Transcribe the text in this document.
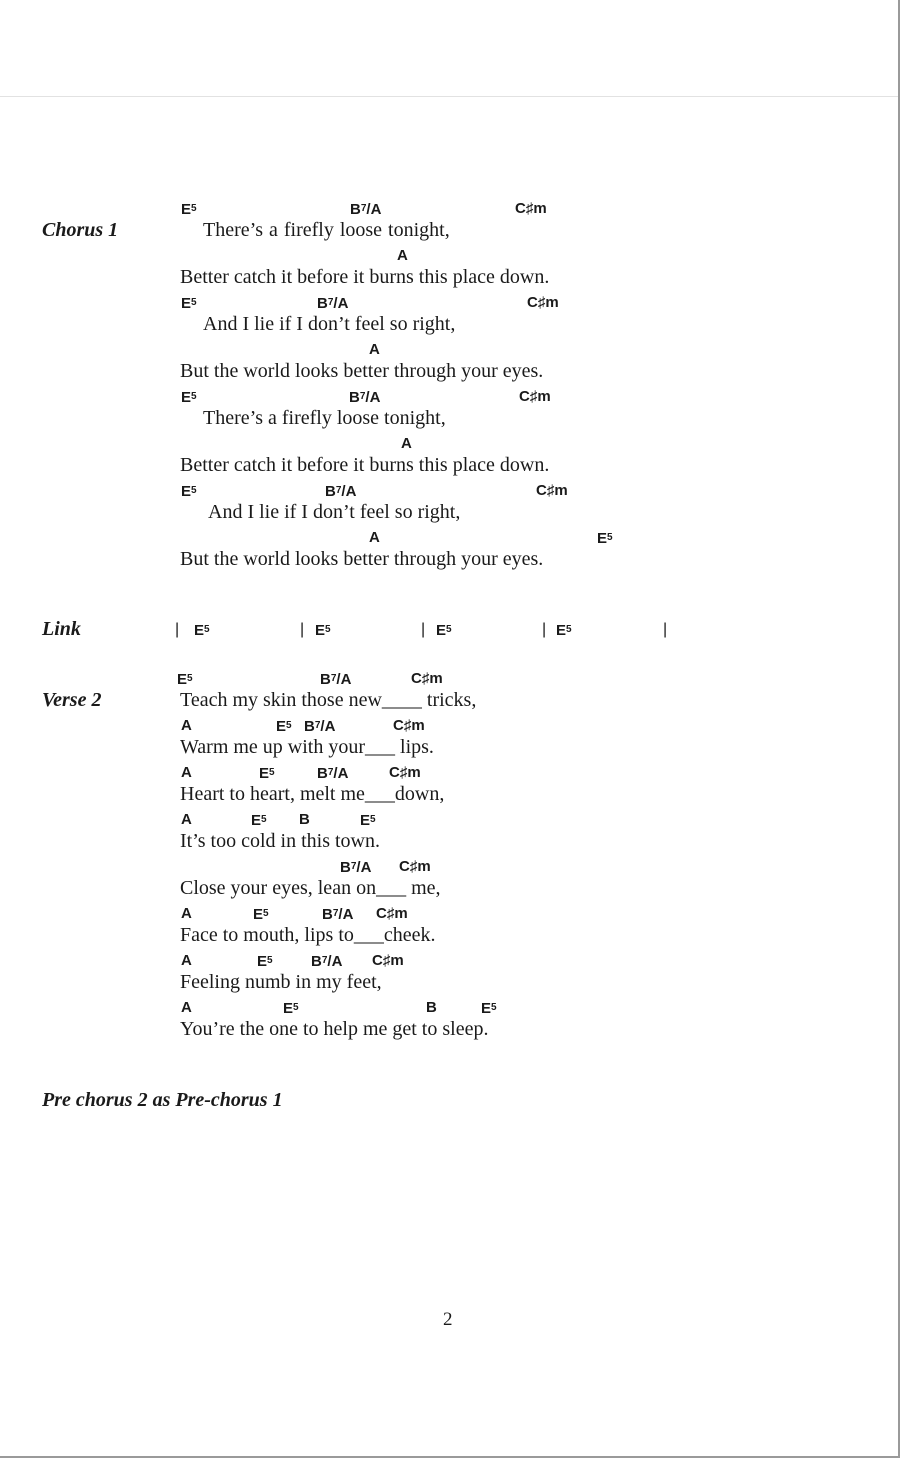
Chorus 1
$E^5$	$B^7/A$	C♯m
There’s a firefly loose tonight,
A
Better catch it before it burns this place down.
$E^5$	$B^7/A$	C♯m
And I lie if I don’t feel so right,
A
But the world looks better through your eyes.
$E^5$	$B^7/A$	C♯m
There’s a firefly loose tonight,
A
Better catch it before it burns this place down.
$E^5$	$B^7/A$	C♯m
And I lie if I don’t feel so right,
A	$E^5$
But the world looks better through your eyes.
Link	| $E^5$	| $E^5$	| $E^5$	| $E^5$	|
Verse 2
$E^5$	$B^7/A$	C♯m
Teach my skin those new____ tricks,
A	$E^5$ $B^7/A$	C♯m
Warm me up with your___ lips.
A	$E^5$	$B^7/A$	C♯m
Heart to heart, melt me___down,
A	$E^5$ B	$E^5$
It’s too cold in this town.
$B^7/A$ C♯m
Close your eyes, lean on___ me,
A	$E^5$	$B^7/A$ C♯m
Face to mouth, lips to___cheek.
A	$E^5$	$B^7/A$ C♯m
Feeling numb in my feet,
A	$E^5$	B	$E^5$
You’re the one to help me get to sleep.
Pre chorus 2 as Pre-chorus 1
2
